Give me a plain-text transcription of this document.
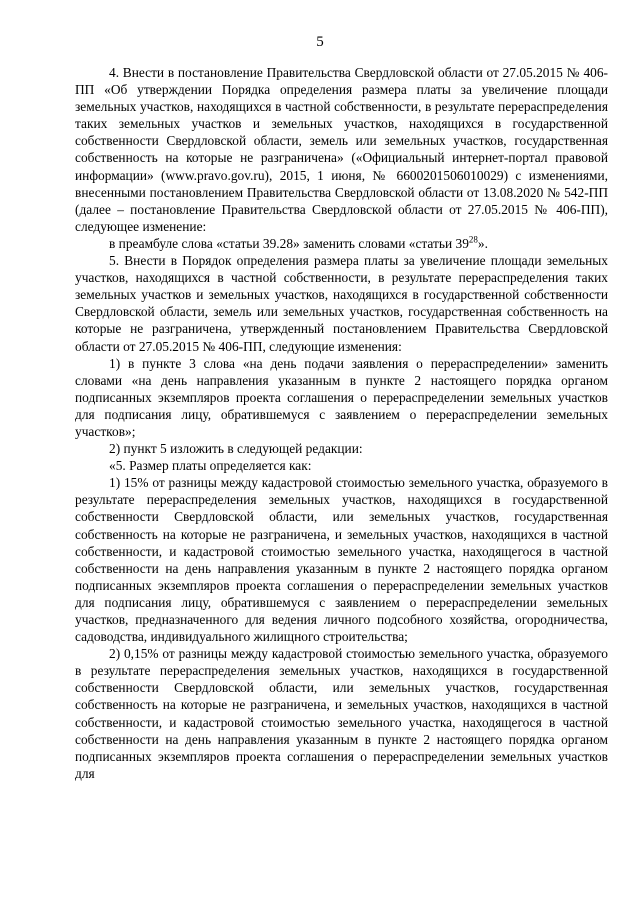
5

4. Внести в постановление Правительства Свердловской области от 27.05.2015 № 406-ПП «Об утверждении Порядка определения размера платы за увеличение площади земельных участков, находящихся в частной собственности, в результате перераспределения таких земельных участков и земельных участков, находящихся в государственной собственности Свердловской области, земель или земельных участков, государственная собственность на которые не разграничена» («Официальный интернет-портал правовой информации» (www.pravo.gov.ru), 2015, 1 июня, № 6600201506010029) с изменениями, внесенными постановлением Правительства Свердловской области от 13.08.2020 № 542-ПП (далее – постановление Правительства Свердловской области от 27.05.2015 № 406-ПП), следующее изменение:

в преамбуле слова «статьи 39.28» заменить словами «статьи $39^{28}$».

5. Внести в Порядок определения размера платы за увеличение площади земельных участков, находящихся в частной собственности, в результате перераспределения таких земельных участков и земельных участков, находящихся в государственной собственности Свердловской области, земель или земельных участков, государственная собственность на которые не разграничена, утвержденный постановлением Правительства Свердловской области от 27.05.2015 № 406-ПП, следующие изменения:

1) в пункте 3 слова «на день подачи заявления о перераспределении» заменить словами «на день направления указанным в пункте 2 настоящего порядка органом подписанных экземпляров проекта соглашения о перераспределении земельных участков для подписания лицу, обратившемуся с заявлением о перераспределении земельных участков»;

2) пункт 5 изложить в следующей редакции:

«5. Размер платы определяется как:

1) 15% от разницы между кадастровой стоимостью земельного участка, образуемого в результате перераспределения земельных участков, находящихся в государственной собственности Свердловской области, или земельных участков, государственная собственность на которые не разграничена, и земельных участков, находящихся в частной собственности, и кадастровой стоимостью земельного участка, находящегося в частной собственности на день направления указанным в пункте 2 настоящего порядка органом подписанных экземпляров проекта соглашения о перераспределении земельных участков для подписания лицу, обратившемуся с заявлением о перераспределении земельных участков, предназначенного для ведения личного подсобного хозяйства, огородничества, садоводства, индивидуального жилищного строительства;

2) 0,15% от разницы между кадастровой стоимостью земельного участка, образуемого в результате перераспределения земельных участков, находящихся в государственной собственности Свердловской области, или земельных участков, государственная собственность на которые не разграничена, и земельных участков, находящихся в частной собственности, и кадастровой стоимостью земельного участка, находящегося в частной собственности на день направления указанным в пункте 2 настоящего порядка органом подписанных экземпляров проекта соглашения о перераспределении земельных участков для
